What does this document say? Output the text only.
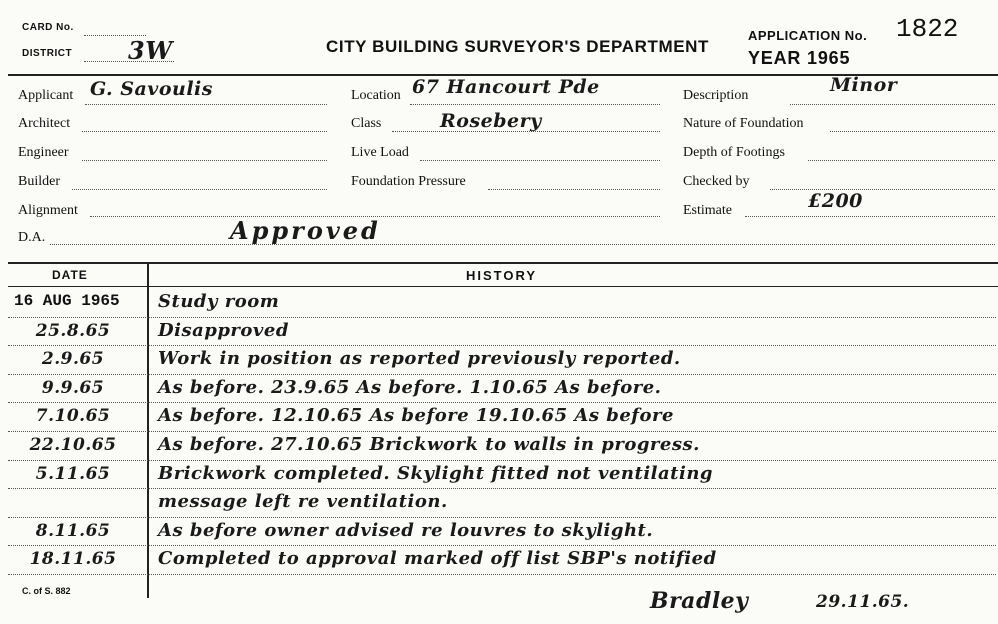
CARD No.
DISTRICT 3W	CITY BUILDING SURVEYOR'S DEPARTMENT
APPLICATION No. 1822
YEAR 1965
Applicant G. Savoulis
Architect
Engineer
Builder
Alignment
D.A.	Approved
Location 67 Hancourt Pde
Class	Rosebery
Live Load
Foundation Pressure
Description	Minor
Nature of Foundation
Depth of Footings
Checked by
Estimate	£200
DATE	HISTORY
16 AUG 1965 Study room
25.8.65	Disapproved
2.9.65	Work in position as reported previously reported.
9.9.65	As before. 23.9.65 As before. 1.10.65 As before.
7.10.65	As before. 12.10.65 As before 19.10.65 As before
22.10.65	As before. 27.10.65 Brickwork to walls in progress.
5.11.65	Brickwork completed. Skylight fitted not ventilating
message left re ventilation.
8.11.65	As before owner advised re louvres to skylight.
18.11.65	Completed to approval marked off list SBP's notified
Bradley	29.11.65.
C. of S. 882
